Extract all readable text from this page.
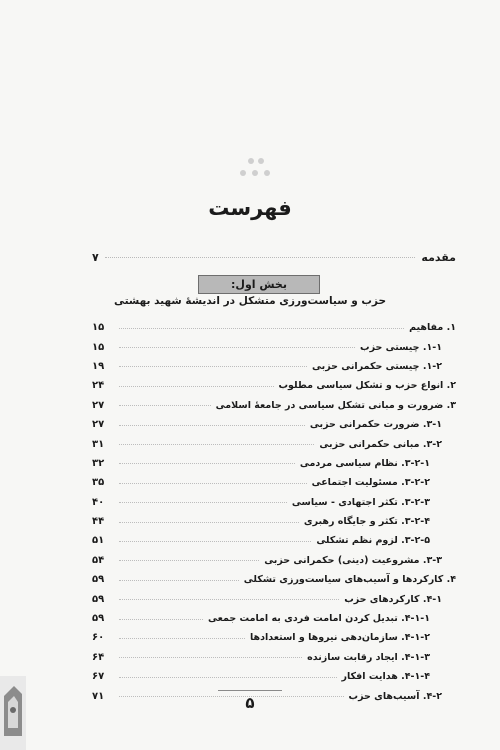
فهرست
مقدمه
۷
بخش اول:
حزب و سیاست‌ورزی متشکل در اندیشهٔ شهید بهشتی
۱. مفاهیم
۱۵
۱-۱. چیستی حزب
۱۵
۱-۲. چیستی حکمرانی حزبی
۱۹
۲. انواع حزب و تشکل سیاسی مطلوب
۲۴
۳. ضرورت و مبانی تشکل سیاسی در جامعهٔ اسلامی
۲۷
۳-۱. ضرورت حکمرانی حزبی
۲۷
۳-۲. مبانی حکمرانی حزبی
۳۱
۳-۲-۱. نظام سیاسی مردمی
۳۲
۳-۲-۲. مسئولیت اجتماعی
۳۵
۳-۲-۳. تکثر اجتهادی - سیاسی
۴۰
۳-۲-۴. تکثر و جایگاه رهبری
۴۴
۳-۲-۵. لزوم نظم تشکلی
۵۱
۳-۳. مشروعیت (دینی) حکمرانی حزبی
۵۴
۴. کارکردها و آسیب‌های سیاست‌ورزی تشکلی
۵۹
۴-۱. کارکردهای حزب
۵۹
۴-۱-۱. تبدیل کردن امامت فردی به امامت جمعی
۵۹
۴-۱-۲. سازمان‌دهی نیروها و استعدادها
۶۰
۴-۱-۳. ایجاد رقابت سازنده
۶۴
۴-۱-۴. هدایت افکار
۶۷
۴-۲. آسیب‌های حزب
۷۱	۵
